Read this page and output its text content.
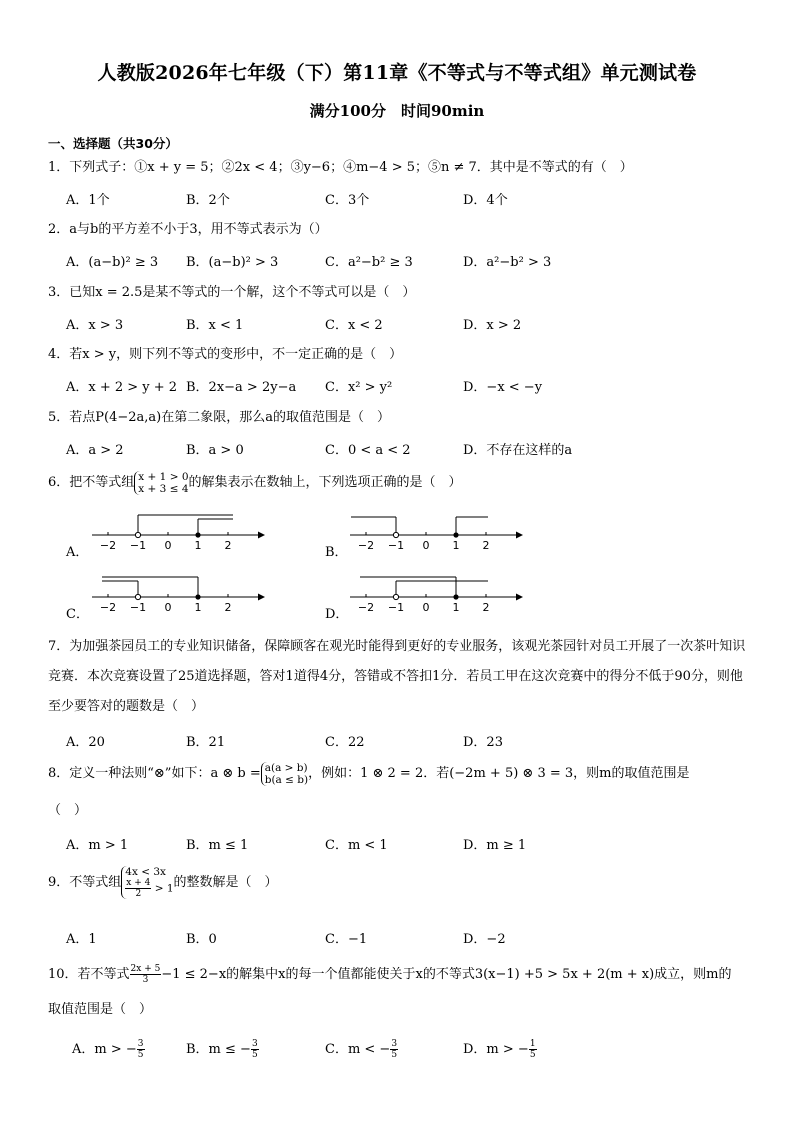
人教版2026年七年级（下）第11章《不等式与不等式组》单元测试卷
满分100分　时间90min
一、选择题（共30分）
1．下列式子：①x + y = 5；②2x < 4；③y−6；④m−4 > 5；⑤n ≠ 7．其中是不等式的有（　）
A．1个	B．2个	C．3个	D．4个
2．a与b的平方差不小于3，用不等式表示为（）
A．(a−b)² ≥ 3 B．(a−b)² > 3	C．a²−b² ≥ 3	D．a²−b² > 3
3．已知x = 2.5是某不等式的一个解，这个不等式可以是（　）
A．x > 3	B．x < 1	C．x < 2	D．x > 2
4．若x > y，则下列不等式的变形中，不一定正确的是（　）
A．x + 2 > y + 2 B．2x−a > 2y−a C．x² > y²	D．−x < −y
5．若点P(4−2a,a)在第二象限，那么a的取值范围是（　）
A．a > 2	B．a > 0	C．0 < a < 2	D．不存在这样的a
6．把不等式组 x + 1 > 0
x + 3 ≤ 4 的解集表示在数轴上，下列选项正确的是（　）
A． −2 −1 0 1 2	B． −2 −1 0 1 2
C． −2 −1 0 1 2	D． −2 −1 0 1 2
7．为加强茶园员工的专业知识储备，保障顾客在观光时能得到更好的专业服务，该观光茶园针对员工开展了一次茶叶知识竞赛．本次竞赛设置了25道选择题，答对1道得4分，答错或不答扣1分．若员工甲在这次竞赛中的得分不低于90分，则他至少要答对的题数是（　）
A．20	B．21	C．22	D．23
8．定义一种法则“⊗”如下：a ⊗ b = a(a > b)
b(a ≤ b) ，例如：1 ⊗ 2 = 2．若(−2m + 5) ⊗ 3 = 3，则m的取值范围是
（　）
A．m > 1	B．m ≤ 1	C．m < 1	D．m ≥ 1
9．不等式组
4x < 3x
$\frac{x + 4}{2} > 1$ 的整数解是（　）
A．1	B．0	C．−1	D．−2
10．若不等式 $\frac{2x + 5}{3} -1 \le 2-x$的解集中x的每一个值都能使关于x的不等式3(x−1) +5 > 5x + 2(m + x)成立，则m的
取值范围是（　）
A．m > − $\frac{3}{5}$	B．m ≤ − $\frac{3}{5}$	C．m < − $\frac{3}{5}$	D．m > − $\frac{1}{5}$
